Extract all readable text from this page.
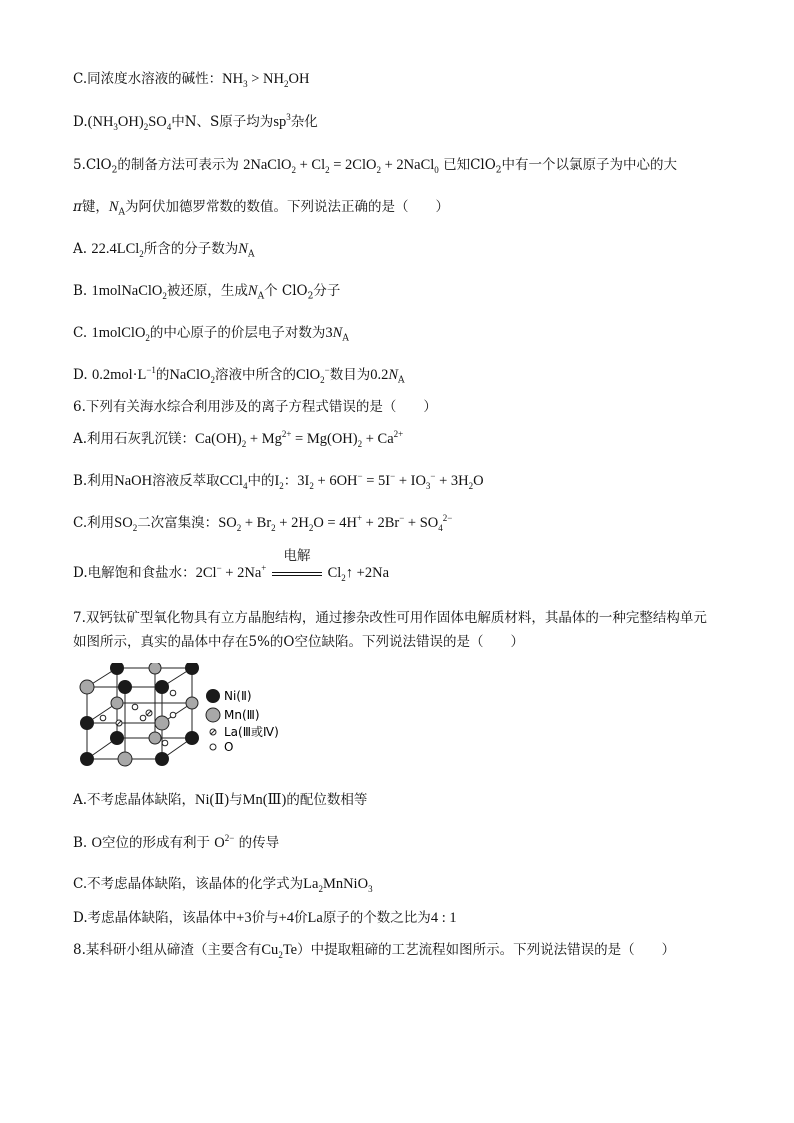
C.同浓度水溶液的碱性：$NH_3 > NH_2OH$
$D.(NH_3OH)_2SO_4$中N、S原子均为$sp^3$杂化
5.ClO$_2$的制备方法可表示为 2NaClO$_2$ + $Cl_2 = 2ClO_2$ + 2NaCl$_0$ 已知ClO$_2$中有一个以氯原子为中心的大
π键，$N_A$为阿伏加德罗常数的数值。下列说法正确的是（　　）
A. 22.4LCl$_2$所含的分子数为$N_A$
B. 1molNaClO$_2$被还原，生成$N_A$个 ClO$_2$分子
C. 1molClO$_2$的中心原子的价层电子对数为$3N_A$
D. $0.2mol\cdot L^{-1}$的NaClO$_2$溶液中所含的ClO$_2$−数目为$0.2N_A$
6.下列有关海水综合利用涉及的离子方程式错误的是（　　）
A.利用石灰乳沉镁：$Ca(OH)_2 + Mg^{2+} = Mg(OH)_2 + Ca^{2+}$
B.利用NaOH溶液反萃取CCl$_4$中的$I_2$：$3I_2 + 6OH^- = 5I^- + IO_3^- + 3H_2O$
C.利用$SO_2$二次富集溴：$SO_2 + Br_2 + 2H_2O = 4H^+ + 2Br^- + SO_4^{2-}$
D.电解饱和食盐水：2Cl− + 2Na+
电解
$Cl_2↑ +2Na$
7.双钙钛矿型氧化物具有立方晶胞结构，通过掺杂改性可用作固体电解质材料，其晶体的一种完整结构单元
如图所示，真实的晶体中存在5%的O空位缺陷。下列说法错误的是（　　）
Ni(Ⅱ)
Mn(Ⅲ)
La(Ⅲ或Ⅳ)
O
A.不考虑晶体缺陷，Ni(Ⅱ)与Mn(Ⅲ)的配位数相等
B. O空位的形成有利于 $O^{2-}$ 的传导
C.不考虑晶体缺陷，该晶体的化学式为$La_2MnNiO_3$
D.考虑晶体缺陷，该晶体中+3价与+4价La原子的个数之比为4 : 1
8.某科研小组从碲渣（主要含有$Cu_2Te$）中提取粗碲的工艺流程如图所示。下列说法错误的是（　　）
